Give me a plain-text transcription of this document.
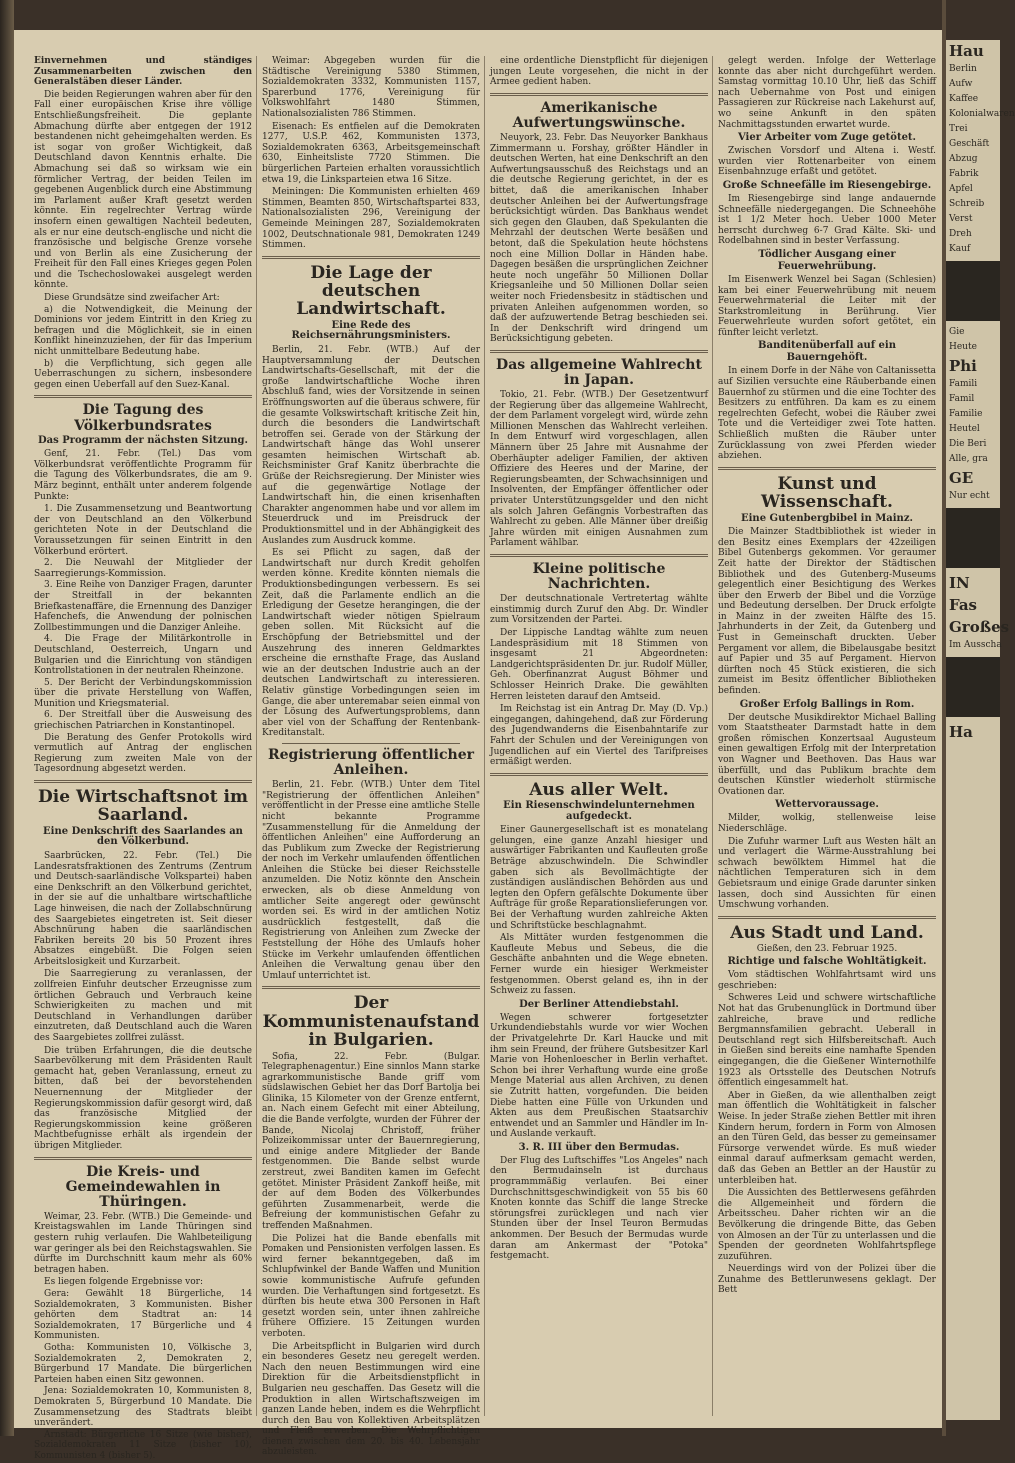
Einvernehmen und ständiges Zusammenarbeiten zwischen den Generalstäben dieser Länder.

Die beiden Regierungen wahren aber für den Fall einer europäischen Krise ihre völlige Entschließungsfreiheit. Die geplante Abmachung dürfte aber entgegen der 1912 bestandenen nicht geheimgehalten werden. Es ist sogar von großer Wichtigkeit, daß Deutschland davon Kenntnis erhalte. Die Abmachung sei daß so wirksam wie ein förmlicher Vertrag, der beiden Teilen im gegebenen Augenblick durch eine Abstimmung im Parlament außer Kraft gesetzt werden könnte. Ein regelrechter Vertrag würde insofern einen gewaltigen Nachteil bedeuten, als er nur eine deutsch-englische und nicht die französische und belgische Grenze vorsehe und von Berlin als eine Zusicherung der Freiheit für den Fall eines Krieges gegen Polen und die Tschechoslowakei ausgelegt werden könnte.

Diese Grundsätze sind zweifacher Art:
a) die Notwendigkeit, die Meinung der Dominions vor jedem Eintritt in den Krieg zu befragen und die Möglichkeit, sie in einen Konflikt hineinzuziehen, der für das Imperium nicht unmittelbare Bedeutung habe.
b) die Verpflichtung, sich gegen alle Ueberraschungen zu sichern, insbesondere gegen einen Ueberfall auf den Suez-Kanal.
Die Tagung des Völkerbundsrates
Das Programm der nächsten Sitzung.

Genf, 21. Febr. (Tel.) Das vom Völkerbundsrat veröffentlichte Programm für die Tagung des Völkerbundsrates, die am 9. März beginnt, enthält unter anderem folgende Punkte:

1. Die Zusammensetzung und Beantwortung der von Deutschland an den Völkerbund gerichteten Note in der Deutschland die Voraussetzungen für seinen Eintritt in den Völkerbund erörtert.
2. Die Neuwahl der Mitglieder der Saarregierungs-Kommission.
3. Eine Reihe von Danziger Fragen, darunter der Streitfall in der bekannten Briefkastenaffäre, die Ernennung des Danziger Hafenchefs, die Anwendung der polnischen Zollbestimmungen und die Danziger Anleihe.
4. Die Frage der Militärkontrolle in Deutschland, Oesterreich, Ungarn und Bulgarien und die Einrichtung von ständigen Kontrollstationen in der neutralen Rheinzone.
5. Der Bericht der Verbindungskommission über die private Herstellung von Waffen, Munition und Kriegsmaterial.
6. Der Streitfall über die Ausweisung des griechischen Patriarchen in Konstantinopel.

Die Beratung des Genfer Protokolls wird vermutlich auf Antrag der englischen Regierung zum zweiten Male von der Tagesordnung abgesetzt werden.

Die Wirtschaftsnot im Saarland.
Eine Denkschrift des Saarlandes an den Völkerbund.

Saarbrücken, 22. Febr. (Tel.) Die Landesratsfraktionen des Zentrums (Zentrum und Deutsch-saarländische Volkspartei) haben eine Denkschrift an den Völkerbund gerichtet, in der sie auf die unhaltbare wirtschaftliche Lage hinweisen, die nach der Zollabschnürung des Saargebietes eingetreten ist. Seit dieser Abschnürung haben die saarländischen Fabriken bereits 20 bis 50 Prozent ihres Absatzes eingebüßt. Die Folgen seien Arbeitslosigkeit und Kurzarbeit.

Die Saarregierung zu veranlassen, der zollfreien Einfuhr deutscher Erzeugnisse zum örtlichen Gebrauch und Verbrauch keine Schwierigkeiten zu machen und mit Deutschland in Verhandlungen darüber einzutreten, daß Deutschland auch die Waren des Saargebietes zollfrei zulässt.

Die trüben Erfahrungen, die die deutsche Saarbevölkerung mit dem Präsidenten Rault gemacht hat, geben Veranlassung, erneut zu bitten, daß bei der bevorstehenden Neuernennung der Mitglieder der Regierungskommission dafür gesorgt wird, daß das französische Mitglied der Regierungskommission keine größeren Machtbefugnisse erhält als irgendein der übrigen Mitglieder.

Die Kreis- und Gemeindewahlen in Thüringen.

Weimar, 23. Febr. (WTB.) Die Gemeinde- und Kreistagswahlen im Lande Thüringen sind gestern ruhig verlaufen. Die Wahlbeteiligung war geringer als bei den Reichstagswahlen. Sie dürfte im Durchschnitt kaum mehr als 60% betragen haben.

Es liegen folgende Ergebnisse vor:
Gera: Gewählt 18 Bürgerliche, 14 Sozialdemokraten, 3 Kommunisten. Bisher gehörten dem Stadtrat an: 14 Sozialdemokraten, 17 Bürgerliche und 4 Kommunisten.
Gotha: Kommunisten 10, Völkische 3, Sozialdemokraten 2, Demokraten 2, Bürgerbund 17 Mandate. Die bürgerlichen Parteien haben einen Sitz gewonnen.
Jena: Sozialdemokraten 10, Kommunisten 8, Demokraten 5, Bürgerbund 10 Mandate. Die Zusammensetzung des Stadtrats bleibt unverändert.
Arnstadt: Bürgerliche 16 Sitze (wie bisher), Sozialdemokraten 11 Sitze (bisher 10), Kommunisten 4 (bisher 5).

Weimar: Abgegeben wurden für die Städtische Vereinigung 5380 Stimmen, Sozialdemokraten 3332, Kommunisten 1157, Sparerbund 1776, Vereinigung für Volkswohlfahrt 1480 Stimmen, Nationalsozialisten 786 Stimmen.

Eisenach: Es entfielen auf die Demokraten 1277, U.S.P. 462, Kommunisten 1373, Sozialdemokraten 6363, Arbeitsgemeinschaft 630, Einheitsliste 7720 Stimmen. Die bürgerlichen Parteien erhalten voraussichtlich etwa 19, die Linksparteien etwa 16 Sitze.

Meiningen: Die Kommunisten erhielten 469 Stimmen, Beamten 850, Wirtschaftspartei 833, Nationalsozialisten 296, Vereinigung der Gemeinde Meiningen 287, Sozialdemokraten 1002, Deutschnationale 981, Demokraten 1249 Stimmen.

Die Lage der deutschen Landwirtschaft.
Eine Rede des Reichsernährungsministers.

Berlin, 21. Febr. (WTB.) Auf der Hauptversammlung der Deutschen Landwirtschafts-Gesellschaft, mit der die große landwirtschaftliche Woche ihren Abschluß fand, wies der Vorsitzende in seinen Eröffnungsworten auf die überaus schwere, für die gesamte Volkswirtschaft kritische Zeit hin, durch die besonders die Landwirtschaft betroffen sei. Gerade von der Stärkung der Landwirtschaft hänge das Wohl unserer gesamten heimischen Wirtschaft ab. Reichsminister Graf Kanitz überbrachte die Grüße der Reichsregierung. Der Minister wies auf die gegenwärtige Notlage der Landwirtschaft hin, die einen krisenhaften Charakter angenommen habe und vor allem im Steuerdruck und im Preisdruck der Produktionsmittel und in der Abhängigkeit des Auslandes zum Ausdruck komme.

Es sei Pflicht zu sagen, daß der Landwirtschaft nur durch Kredit geholfen werden könne. Kredite könnten niemals die Produktionsbedingungen verbessern. Es sei Zeit, daß die Parlamente endlich an die Erledigung der Gesetze herangingen, die der Landwirtschaft wieder nötigen Spielraum geben sollen. Mit Rücksicht auf die Erschöpfung der Betriebsmittel und der Auszehrung des inneren Geldmarktes erscheine die ernsthafte Frage, das Ausland wie an der deutschen Industrie auch an der deutschen Landwirtschaft zu interessieren. Relativ günstige Vorbedingungen seien im Gange, die aber unteremabar seien einmal von der Lösung des Aufwertungsproblems, dann aber viel von der Schaffung der Rentenbank-Kreditanstalt.

Registrierung öffentlicher Anleihen.

Berlin, 21. Febr. (WTB.) Unter dem Titel "Registrierung der öffentlichen Anleihen" veröffentlicht in der Presse eine amtliche Stelle nicht bekannte Programme "Zusammenstellung für die Anmeldung der öffentlichen Anleihen" eine Aufforderung an das Publikum zum Zwecke der Registrierung der noch im Verkehr umlaufenden öffentlichen Anleihen die Stücke bei dieser Reichsstelle anzumelden. Die Notiz könnte den Anschein erwecken, als ob diese Anmeldung von amtlicher Seite angeregt oder gewünscht worden sei. Es wird in der amtlichen Notiz ausdrücklich festgestellt, daß die Registrierung von Anleihen zum Zwecke der Feststellung der Höhe des Umlaufs hoher Stücke im Verkehr umlaufenden öffentlichen Anleihen die Verwaltung genau über den Umlauf unterrichtet ist.

Der Kommunistenaufstand in Bulgarien.

Sofia, 22. Febr. (Bulgar. Telegraphenagentur.) Eine sinnlos Mann starke agrarkommunistische Bande griff vom südslawischen Gebiet her das Dorf Bartolja bei Glinika, 15 Kilometer von der Grenze entfernt, an. Nach einem Gefecht mit einer Abteilung, die die Bande verfolgte, wurden der Führer der Bande, Nicolaj Christoff, früher Polizeikommissar unter der Bauernregierung, und einige andere Mitglieder der Bande festgenommen. Die Bande selbst wurde zerstreut, zwei Banditen kamen im Gefecht getötet. Minister Präsident Zankoff heiße, mit der auf dem Boden des Völkerbundes geführten Zusammenarbeit, werde die Befreiung der kommunistischen Gefahr zu treffenden Maßnahmen.

Die Polizei hat die Bande ebenfalls mit Pomaken und Pensionisten verfolgen lassen. Es wird ferner bekanntgegeben, daß im Schlupfwinkel der Bande Waffen und Munition sowie kommunistische Aufrufe gefunden wurden. Die Verhaftungen sind fortgesetzt. Es dürften bis heute etwa 300 Personen in Haft gesetzt worden sein, unter ihnen zahlreiche frühere Offiziere. 15 Zeitungen wurden verboten.

Die Arbeitspflicht in Bulgarien wird durch ein besonderes Gesetz neu geregelt werden. Nach den neuen Bestimmungen wird eine Direktion für die Arbeitsdienstpflicht in Bulgarien neu geschaffen. Das Gesetz will die Produktion in allen Wirtschaftszweigen im ganzen Lande heben, indem es die Wehrpflicht durch den Bau von Kollektiven Arbeitsplätzen und Fleiß erwerben. Die Wehrpflichtigen dienen zwischen dem 20. bis 40. Lebensjahr abzuleisten.

eine ordentliche Dienstpflicht für diejenigen jungen Leute vorgesehen, die nicht in der Armee gedient haben.

Amerikanische Aufwertungswünsche.

Neuyork, 23. Febr. Das Neuyorker Bankhaus Zimmermann u. Forshay, größter Händler in deutschen Werten, hat eine Denkschrift an den Aufwertungsausschuß des Reichstags und an die deutsche Regierung gerichtet, in der es bittet, daß die amerikanischen Inhaber deutscher Anleihen bei der Aufwertungsfrage berücksichtigt würden. Das Bankhaus wendet sich gegen den Glauben, daß Spekulanten die Mehrzahl der deutschen Werte besäßen und betont, daß die Spekulation heute höchstens noch eine Million Dollar in Händen habe. Dagegen besäßen die ursprünglichen Zeichner heute noch ungefähr 50 Millionen Dollar Kriegsanleihe und 50 Millionen Dollar seien weiter noch Friedensbesitz in städtischen und privaten Anleihen aufgenommen worden, so daß der aufzuwertende Betrag beschieden sei. In der Denkschrift wird dringend um Berücksichtigung gebeten.

Das allgemeine Wahlrecht in Japan.

Tokio, 21. Febr. (WTB.) Der Gesetzentwurf der Regierung über das allgemeine Wahlrecht, der dem Parlament vorgelegt wird, würde zehn Millionen Menschen das Wahlrecht verleihen. In dem Entwurf wird vorgeschlagen, allen Männern über 25 Jahre mit Ausnahme der Oberhäupter adeliger Familien, der aktiven Offiziere des Heeres und der Marine, der Regierungsbeamten, der Schwachsinnigen und Insolventen, der Empfänger öffentlicher oder privater Unterstützungsgelder und den nicht als solch Jahren Gefängnis Vorbestraften das Wahlrecht zu geben. Alle Männer über dreißig Jahre würden mit einigen Ausnahmen zum Parlament wählbar.

Kleine politische Nachrichten.

Der deutschnationale Vertretertag wählte einstimmig durch Zuruf den Abg. Dr. Windler zum Vorsitzenden der Partei.

Der Lippische Landtag wählte zum neuen Landespräsidium mit 18 Stimmen von insgesamt 21 Abgeordneten: Landgerichtspräsidenten Dr. jur. Rudolf Müller, Geh. Oberfinanzrat August Böhmer und Schlosser Heinrich Drake. Die gewählten Herren leisteten darauf den Amtseid.

Im Reichstag ist ein Antrag Dr. May (D. Vp.) eingegangen, dahingehend, daß zur Förderung des Jugendwanderns die Eisenbahntarife zur Fahrt der Schulen und der Vereinigungen von Jugendlichen auf ein Viertel des Tarifpreises ermäßigt werden.

Aus aller Welt.
Ein Riesenschwindelunternehmen aufgedeckt.

Einer Gaunergesellschaft ist es monatelang gelungen, eine ganze Anzahl hiesiger und auswärtiger Fabrikanten und Kaufleuten große Beträge abzuschwindeln. Die Schwindler gaben sich als Bevollmächtigte der zuständigen ausländischen Behörden aus und legten den Opfern gefälschte Dokumente über Aufträge für große Reparationslieferungen vor. Bei der Verhaftung wurden zahlreiche Akten und Schriftstücke beschlagnahmt.

Als Mittäter wurden festgenommen die Kaufleute Mebus und Sebeus, die die Geschäfte anbahnten und die Wege ebneten. Ferner wurde ein hiesiger Werkmeister festgenommen. Oberst geland es, ihn in der Schweiz zu fassen.

Der Berliner Attendiebstahl.

Wegen schwerer fortgesetzter Urkundendiebstahls wurde vor wier Wochen der Privatgelehrte Dr. Karl Haucke und mit ihm sein Freund, der frühere Gutsbesitzer Karl Marie von Hohenloescher in Berlin verhaftet. Schon bei ihrer Verhaftung wurde eine große Menge Material aus allen Archiven, zu denen sie Zutritt hatten, vorgefunden. Die beiden Diebe hatten eine Fülle von Urkunden und Akten aus dem Preußischen Staatsarchiv entwendet und an Sammler und Händler im In- und Auslande verkauft.

3. R. III über den Bermudas.

Der Flug des Luftschiffes "Los Angeles" nach den Bermudainseln ist durchaus programmmäßig verlaufen. Bei einer Durchschnittsgeschwindigkeit von 55 bis 60 Knoten konnte das Schiff die lange Strecke störungsfrei zurücklegen und nach vier Stunden über der Insel Teuron Bermudas ankommen. Der Besuch der Bermudas wurde daran am Ankermast der "Potoka" festgemacht.

gelegt werden. Infolge der Wetterlage konnte das aber nicht durchgeführt werden. Samstag vormittag 10.10 Uhr, ließ das Schiff nach Uebernahme von Post und einigen Passagieren zur Rückreise nach Lakehurst auf, wo seine Ankunft in den späten Nachmittagsstunden erwartet wurde.

Vier Arbeiter vom Zuge getötet.

Zwischen Vorsdorf und Altena i. Westf. wurden vier Rottenarbeiter von einem Eisenbahnzuge erfaßt und getötet.

Große Schneefälle im Riesengebirge.

Im Riesengebirge sind lange andauernde Schneefälle niedergegangen. Die Schneehöhe ist 1 1/2 Meter hoch. Ueber 1000 Meter herrscht durchweg 6-7 Grad Kälte. Ski- und Rodelbahnen sind in bester Verfassung.

Tödlicher Ausgang einer Feuerwehrübung.

Im Eisenwerk Wenzel bei Sagan (Schlesien) kam bei einer Feuerwehrübung mit neuem Feuerwehrmaterial die Leiter mit der Starkstromleitung in Berührung. Vier Feuerwehrleute wurden sofort getötet, ein fünfter leicht verletzt.

Banditenüberfall auf ein Bauerngehöft.

In einem Dorfe in der Nähe von Caltanissetta auf Sizilien versuchte eine Räuberbande einen Bauernhof zu stürmen und die eine Tochter des Besitzers zu entführen. Da kam es zu einem regelrechten Gefecht, wobei die Räuber zwei Tote und die Verteidiger zwei Tote hatten. Schließlich mußten die Räuber unter Zurücklassung von zwei Pferden wieder abziehen.

Kunst und Wissenschaft.
Eine Gutenbergbibel in Mainz.

Die Mainzer Stadtbibliothek ist wieder in den Besitz eines Exemplars der 42zeiligen Bibel Gutenbergs gekommen. Vor geraumer Zeit hatte der Direktor der Städtischen Bibliothek und des Gutenberg-Museums gelegentlich einer Besichtigung des Werkes über den Erwerb der Bibel und die Vorzüge und Bedeutung derselben. Der Druck erfolgte in Mainz in der zweiten Hälfte des 15. Jahrhunderts in der Zeit, da Gutenberg und Fust in Gemeinschaft druckten. Ueber Pergament vor allem, die Bibelausgabe besitzt auf Papier und 35 auf Pergament. Hiervon dürften noch 45 Stück existieren, die sich zumeist im Besitz öffentlicher Bibliotheken befinden.

Großer Erfolg Ballings in Rom.

Der deutsche Musikdirektor Michael Balling vom Staatstheater Darmstadt hatte in dem großen römischen Konzertsaal Augusteum einen gewaltigen Erfolg mit der Interpretation von Wagner und Beethoven. Das Haus war überfüllt, und das Publikum brachte dem deutschen Künstler wiederholt stürmische Ovationen dar.

Wettervoraussage.

Milder, wolkig, stellenweise leise Niederschläge.

Die Zufuhr warmer Luft aus Westen hält an und verlagert die Wärme-Ausstrahlung bei schwach bewölktem Himmel hat die nächtlichen Temperaturen sich in dem Gebietsraum und einige Grade darunter sinken lassen, doch sind Aussichten für einen Umschwung vorhanden.

Aus Stadt und Land.

Gießen, den 23. Februar 1925.

Richtige und falsche Wohltätigkeit.

Vom städtischen Wohlfahrtsamt wird uns geschrieben:

Schweres Leid und schwere wirtschaftliche Not hat das Grubenunglück in Dortmund über zahlreiche, brave und redliche Bergmannsfamilien gebracht. Ueberall in Deutschland regt sich Hilfsbereitschaft. Auch in Gießen sind bereits eine namhafte Spenden eingegangen, die die Gießener Winternothilfe 1923 als Ortsstelle des Deutschen Notrufs öffentlich eingesammelt hat.

Aber in Gießen, da wie allenthalben zeigt man öffentlich die Wohltätigkeit in falscher Weise. In jeder Straße ziehen Bettler mit ihren Kindern herum, fordern in Form von Almosen an den Türen Geld, das besser zu gemeinsamer Fürsorge verwendet würde. Es muß wieder einmal darauf aufmerksam gemacht werden, daß das Geben an Bettler an der Haustür zu unterbleiben hat.

Die Aussichten des Bettlerwesens gefährden die Allgemeinheit und fördern die Arbeitsscheu. Daher richten wir an die Bevölkerung die dringende Bitte, das Geben von Almosen an der Tür zu unterlassen und die Spenden der geordneten Wohlfahrtspflege zuzuführen.

Neuerdings wird von der Polizei über die Zunahme des Bettlerunwesens geklagt. Der Bett

Hau
Berlin
Aufw
Kaffee
Kolonialwaren
Trei
Geschäft
Abzug
Fabrik
Apfel
Schreib
Verst
Dreh
Kauf
Gie
Heute
Phi
Famili
Famil
Familie
Heutel
Die Beri
Alle, gra
GE
Nur echt
IN
Fas
Großes
Im Ausscha
Ha
